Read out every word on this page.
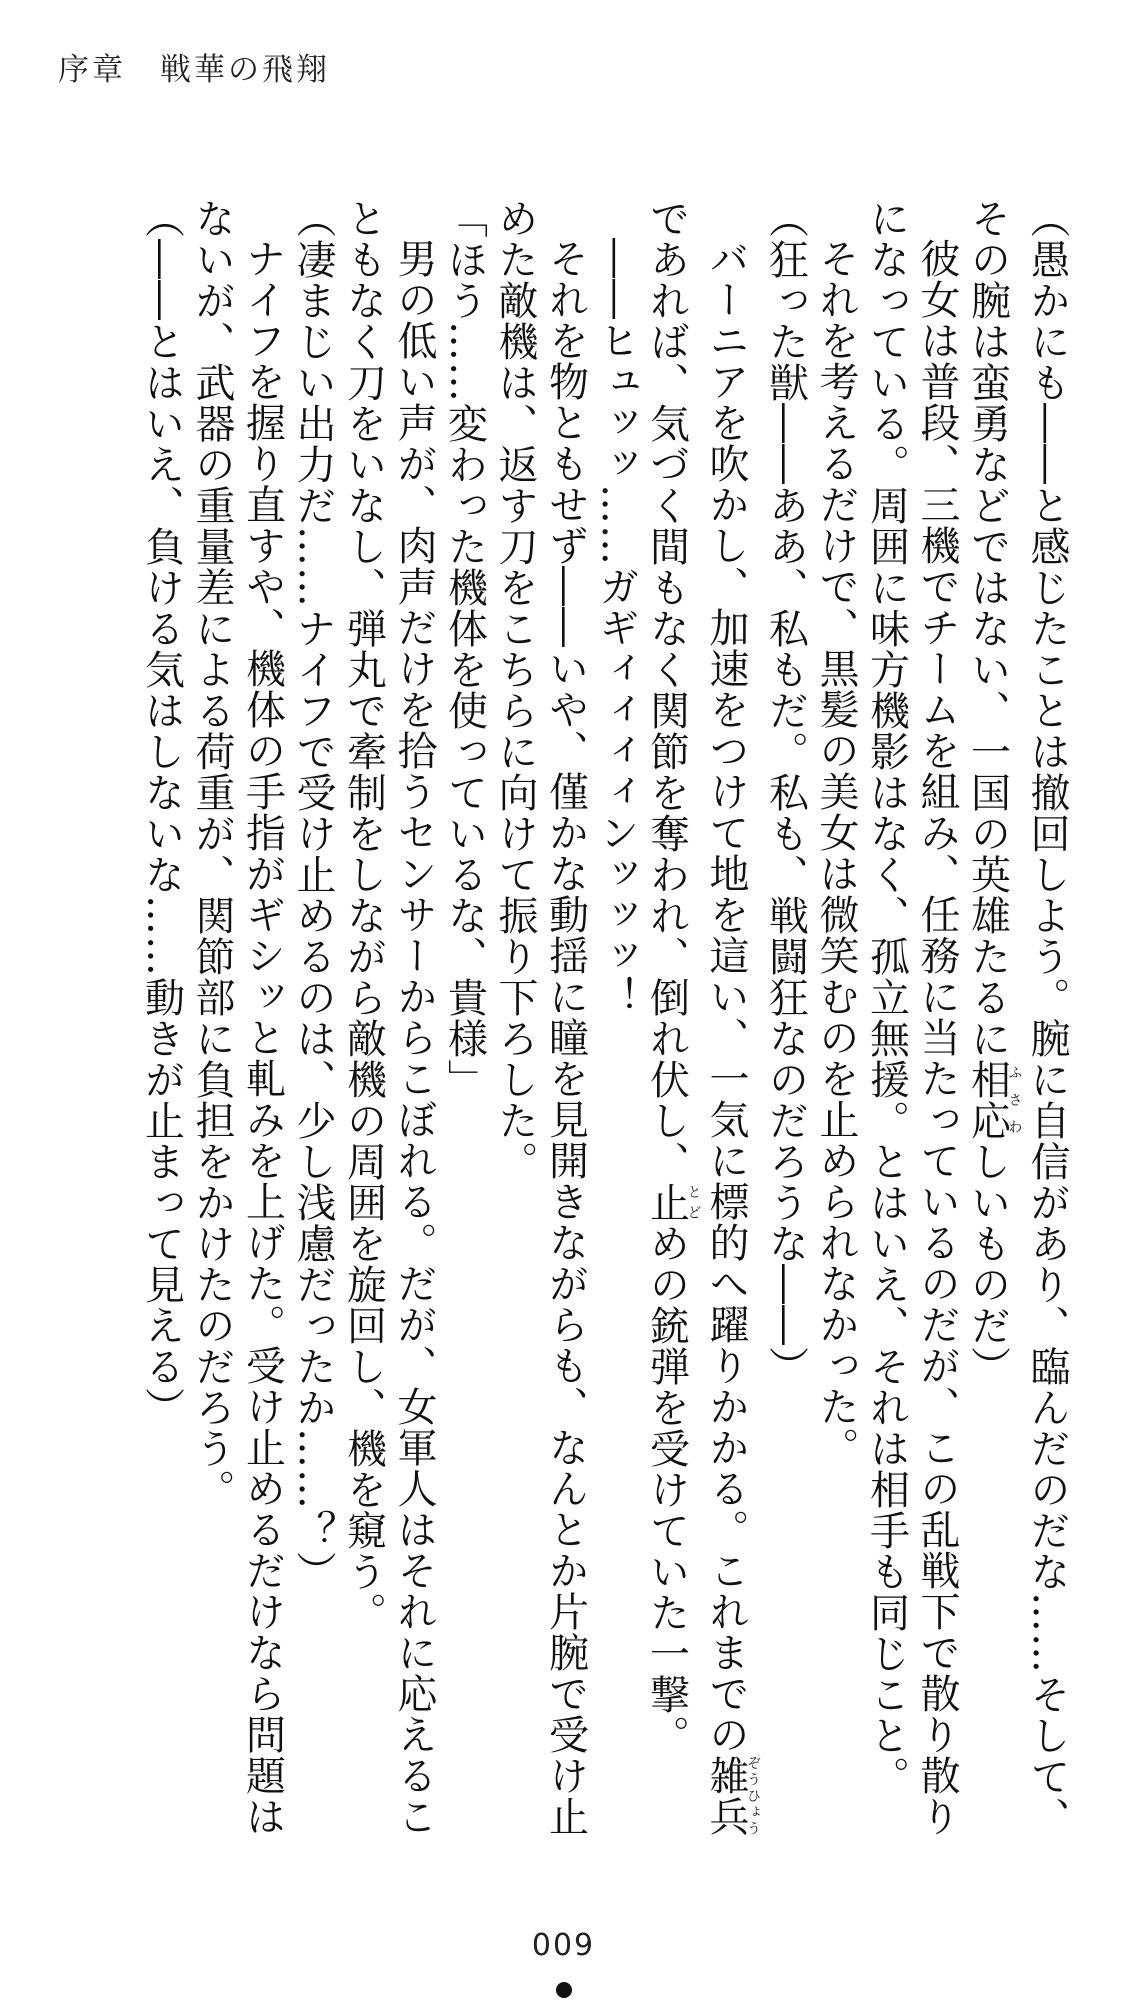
序章　戦華の飛翔

（愚かにも――と感じたことは撤回しよう。腕に自信があり、臨んだのだな……そして、

その腕は蛮勇などではない、一国の英雄たるに相応ふさわしいものだ）

彼女は普段、三機でチームを組み、任務に当たっているのだが、この乱戦下で散り散り

になっている。周囲に味方機影はなく、孤立無援。とはいえ、それは相手も同じこと。

それを考えるだけで、黒髪の美女は微笑むのを止められなかった。

（狂った獣――ああ、私もだ。私も、戦闘狂なのだろうな――）

バーニアを吹かし、加速をつけて地を這い、一気に標的へ躍りかかる。これまでの雑兵ぞうひょう

であれば、気づく間もなく関節を奪われ、倒れ伏し、止とどめの銃弾を受けていた一撃。

――ヒュッッ……ガギィィィィンッッッ！

それを物ともせず――いや、僅かな動揺に瞳を見開きながらも、なんとか片腕で受け止

めた敵機は、返す刀をこちらに向けて振り下ろした。

「ほう……変わった機体を使っているな、貴様」

男の低い声が、肉声だけを拾うセンサーからこぼれる。だが、女軍人はそれに応えるこ

ともなく刀をいなし、弾丸で牽制をしながら敵機の周囲を旋回し、機を窺う。

（凄まじい出力だ……ナイフで受け止めるのは、少し浅慮だったか……？）

ナイフを握り直すや、機体の手指がギシッと軋みを上げた。受け止めるだけなら問題は

ないが、武器の重量差による荷重が、関節部に負担をかけたのだろう。

（――とはいえ、負ける気はしないな……動きが止まって見える）

009
